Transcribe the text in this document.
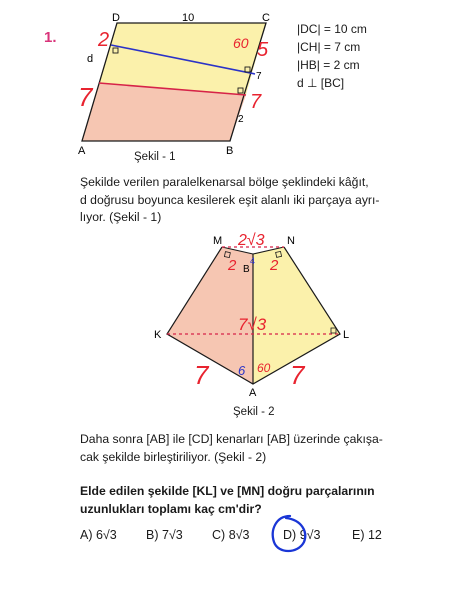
1.
D	C
10
A	B
d
7
2
2
7
60 5
7
|DC| = 10 cm
|CH| = 7 cm
|HB| = 2 cm
d ⊥ [BC]
Şekil - 1
Şekilde verilen paralelkenarsal bölge şeklindeki kâğıt,
d doğrusu boyunca kesilerek eşit alanlı iki parçaya ayrı-
lıyor. (Şekil - 1)
M	N
B
K	L
A
2√3
2 2
4
7√3
7	7
60
6
Şekil - 2
Daha sonra [AB] ile [CD] kenarları [AB] üzerinde çakışa-
cak şekilde birleştiriliyor. (Şekil - 2)
Elde edilen şekilde [KL] ve [MN] doğru parçalarının
uzunlukları toplamı kaç cm'dir?
A) 6√3 B) 7√3 C) 8√3	D) 9√3	E) 12
